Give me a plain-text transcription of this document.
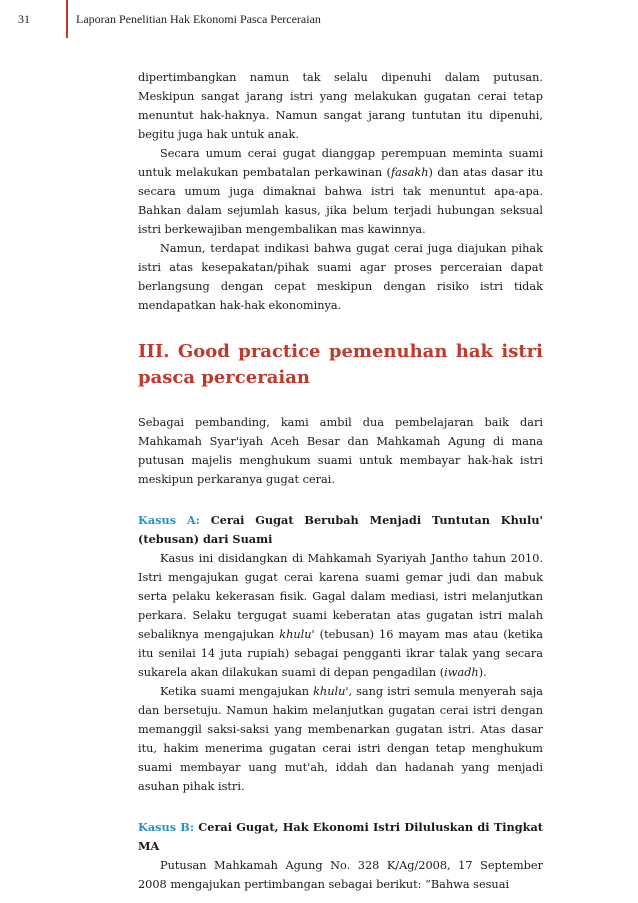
31	Laporan Penelitian Hak Ekonomi Pasca Perceraian

dipertimbangkan namun tak selalu dipenuhi dalam putusan. Meskipun sangat jarang istri yang melakukan gugatan cerai tetap menuntut hak-haknya. Namun sangat jarang tuntutan itu dipenuhi, begitu juga hak untuk anak.

Secara umum cerai gugat dianggap perempuan meminta suami untuk melakukan pembatalan perkawinan (fasakh) dan atas dasar itu secara umum juga dimaknai bahwa istri tak menuntut apa-apa. Bahkan dalam sejumlah kasus, jika belum terjadi hubungan seksual istri berkewajiban mengembalikan mas kawinnya.

Namun, terdapat indikasi bahwa gugat cerai juga diajukan pihak istri atas kesepakatan/pihak suami agar proses perceraian dapat berlangsung dengan cepat meskipun dengan risiko istri tidak mendapatkan hak-hak ekonominya.

III. Good practice pemenuhan hak istri pasca perceraian

Sebagai pembanding, kami ambil dua pembelajaran baik dari Mahkamah Syar'iyah Aceh Besar dan Mahkamah Agung di mana putusan majelis menghukum suami untuk membayar hak-hak istri meskipun perkaranya gugat cerai.

Kasus A: Cerai Gugat Berubah Menjadi Tuntutan Khulu' (tebusan) dari Suami

Kasus ini disidangkan di Mahkamah Syariyah Jantho tahun 2010. Istri mengajukan gugat cerai karena suami gemar judi dan mabuk serta pelaku kekerasan fisik. Gagal dalam mediasi, istri melanjutkan perkara. Selaku tergugat suami keberatan atas gugatan istri malah sebaliknya mengajukan khulu' (tebusan) 16 mayam mas atau (ketika itu senilai 14 juta rupiah) sebagai pengganti ikrar talak yang secara sukarela akan dilakukan suami di depan pengadilan (iwadh).

Ketika suami mengajukan khulu', sang istri semula menyerah saja dan bersetuju. Namun hakim melanjutkan gugatan cerai istri dengan memanggil saksi-saksi yang membenarkan gugatan istri. Atas dasar itu, hakim menerima gugatan cerai istri dengan tetap menghukum suami membayar uang mut'ah, iddah dan hadanah yang menjadi asuhan pihak istri.

Kasus B: Cerai Gugat, Hak Ekonomi Istri Diluluskan di Tingkat MA

Putusan Mahkamah Agung No. 328 K/Ag/2008, 17 September 2008 mengajukan pertimbangan sebagai berikut: “Bahwa sesuai
